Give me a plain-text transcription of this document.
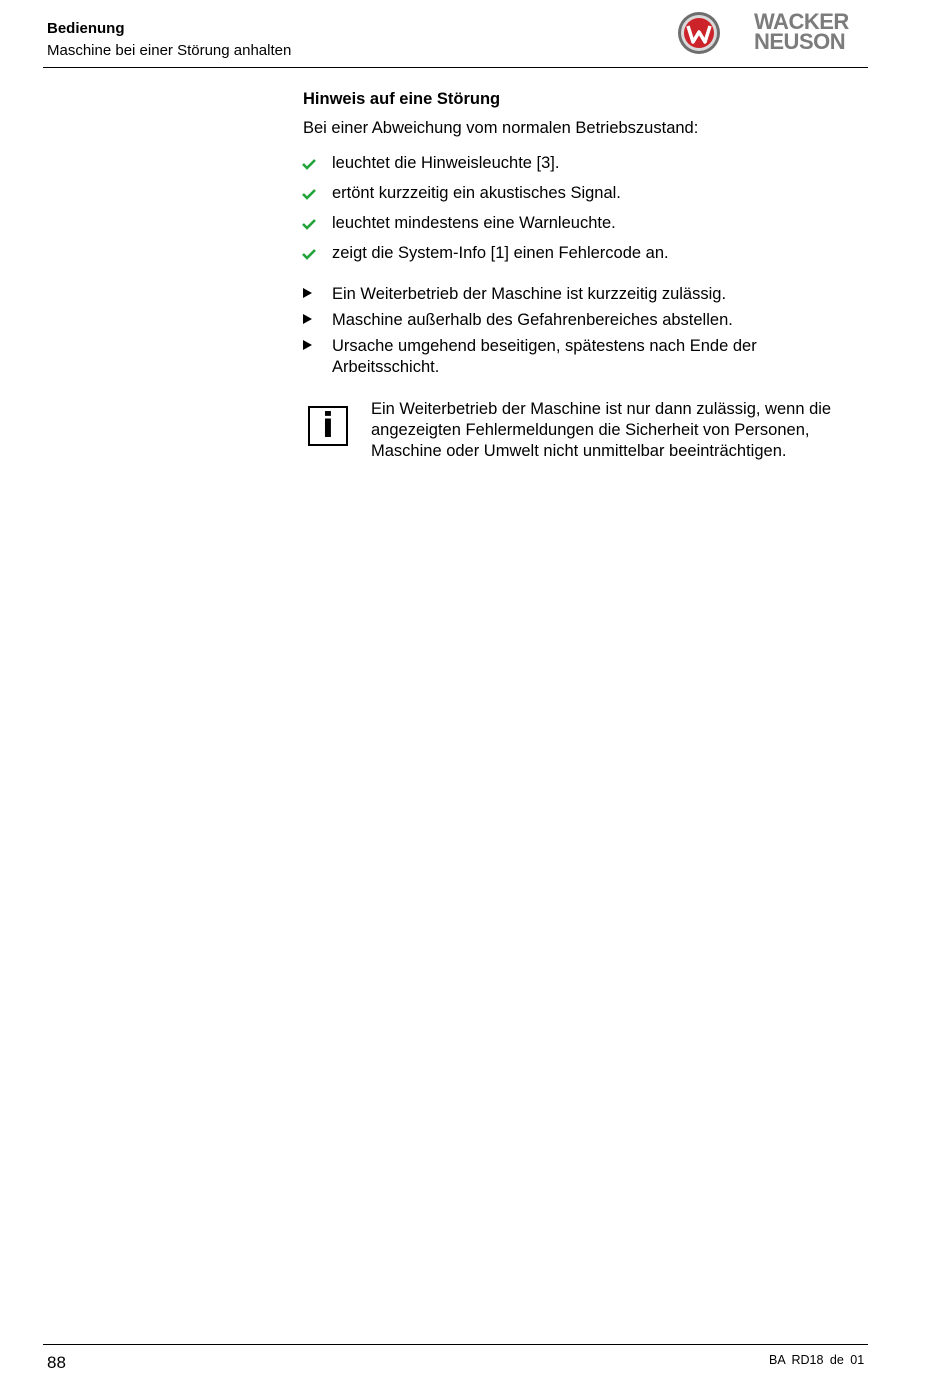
Bedienung
Maschine bei einer Störung anhalten
WACKER
NEUSON
Hinweis auf eine Störung
Bei einer Abweichung vom normalen Betriebszustand:
leuchtet die Hinweisleuchte [3].
ertönt kurzzeitig ein akustisches Signal.
leuchtet mindestens eine Warnleuchte.
zeigt die System-Info [1] einen Fehlercode an.
Ein Weiterbetrieb der Maschine ist kurzzeitig zulässig.
Maschine außerhalb des Gefahrenbereiches abstellen.
Ursache umgehend beseitigen, spätestens nach Ende der Arbeitsschicht.
i	Ein Weiterbetrieb der Maschine ist nur dann zulässig, wenn die angezeigten Fehlermeldungen die Sicherheit von Personen, Maschine oder Umwelt nicht unmittelbar beeinträchtigen.
88	BA RD18 de 01
